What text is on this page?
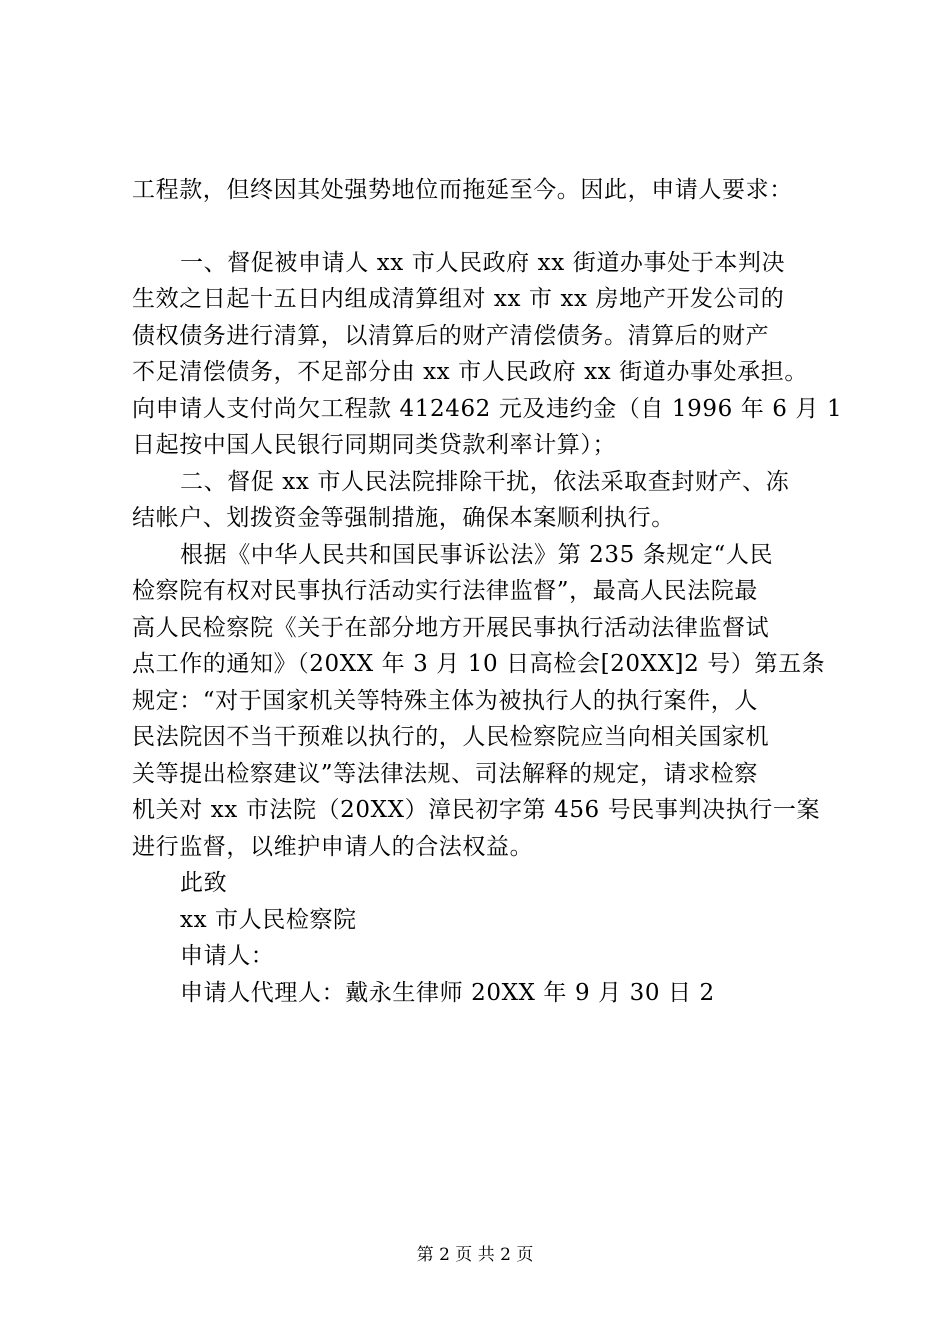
工程款，但终因其处强势地位而拖延至今。因此，申请人要求：
一、督促被申请人 xx 市人民政府 xx 街道办事处于本判决
生效之日起十五日内组成清算组对 xx 市 xx 房地产开发公司的
债权债务进行清算，以清算后的财产清偿债务。清算后的财产
不足清偿债务，不足部分由 xx 市人民政府 xx 街道办事处承担。
向申请人支付尚欠工程款 412462 元及违约金（自 1996 年 6 月 1
日起按中国人民银行同期同类贷款利率计算）；
二、督促 xx 市人民法院排除干扰，依法采取查封财产、冻
结帐户、划拨资金等强制措施，确保本案顺利执行。
根据《中华人民共和国民事诉讼法》第 235 条规定“人民
检察院有权对民事执行活动实行法律监督”，最高人民法院最
高人民检察院《关于在部分地方开展民事执行活动法律监督试
点工作的通知》（20XX 年 3 月 10 日高检会[20XX]2 号）第五条
规定：“对于国家机关等特殊主体为被执行人的执行案件，人
民法院因不当干预难以执行的，人民检察院应当向相关国家机
关等提出检察建议”等法律法规、司法解释的规定，请求检察
机关对 xx 市法院（20XX）漳民初字第 456 号民事判决执行一案
进行监督，以维护申请人的合法权益。
此致
xx 市人民检察院
申请人：
申请人代理人：戴永生律师 20XX 年 9 月 30 日 2
第 2 页 共 2 页
